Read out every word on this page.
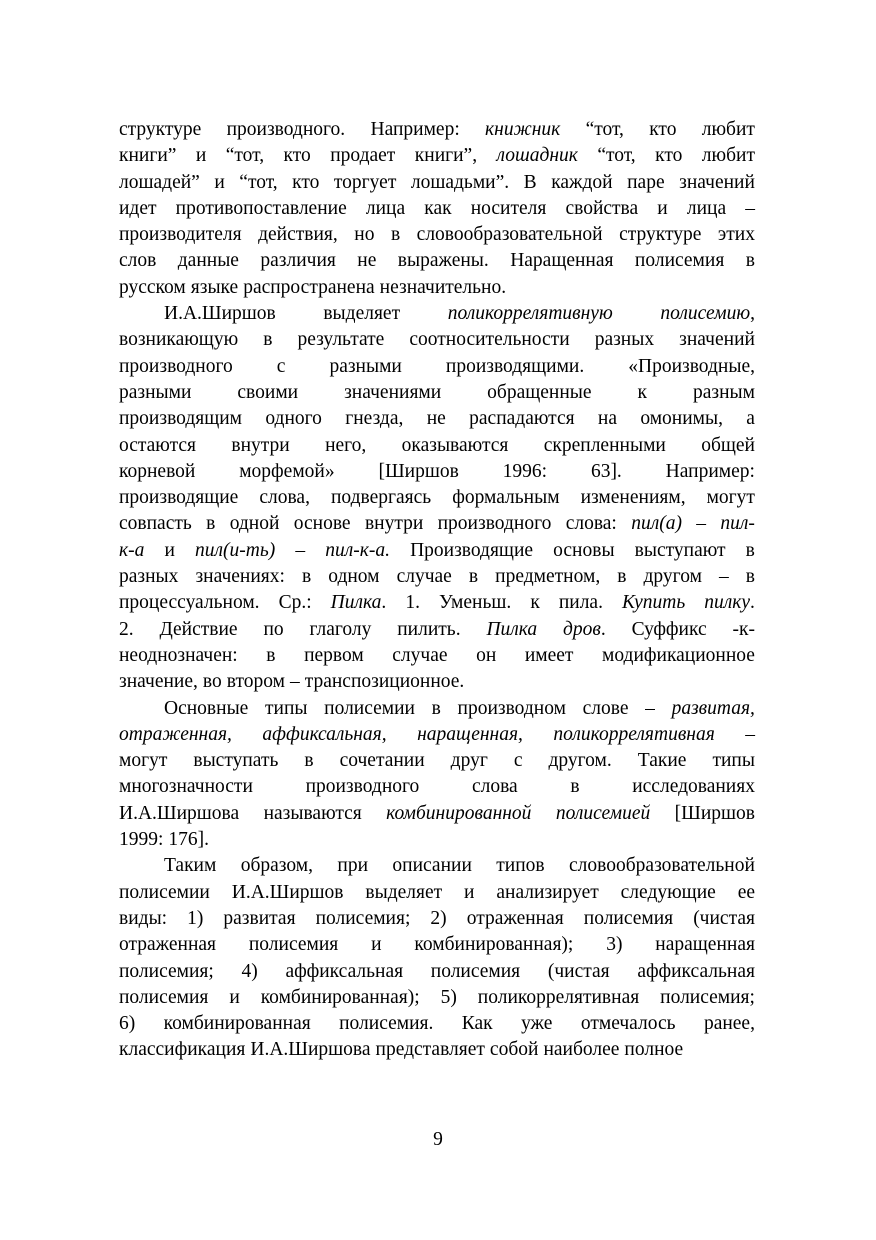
структуре производного. Например: книжник “тот, кто любит
книги” и “тот, кто продает книги”, лошадник “тот, кто любит
лошадей” и “тот, кто торгует лошадьми”. В каждой паре значений
идет противопоставление лица как носителя свойства и лица –
производителя действия, но в словообразовательной структуре этих
слов данные различия не выражены. Наращенная полисемия в
русском языке распространена незначительно.
И.А.Ширшов выделяет поликоррелятивную полисемию,
возникающую в результате соотносительности разных значений
производного с разными производящими. «Производные,
разными своими значениями обращенные к разным
производящим одного гнезда, не распадаются на омонимы, а
остаются внутри него, оказываются скрепленными общей
корневой морфемой» [Ширшов 1996: 63]. Например:
производящие слова, подвергаясь формальным изменениям, могут
совпасть в одной основе внутри производного слова: пил(а) – пил-
к-а и пил(и-ть) – пил-к-а. Производящие основы выступают в
разных значениях: в одном случае в предметном, в другом – в
процессуальном. Ср.: Пилка. 1. Уменьш. к пила. Купить пилку.
2. Действие по глаголу пилить. Пилка дров. Суффикс -к-
неоднозначен: в первом случае он имеет модификационное
значение, во втором – транспозиционное.
Основные типы полисемии в производном слове – развитая,
отраженная, аффиксальная, наращенная, поликоррелятивная –
могут выступать в сочетании друг с другом. Такие типы
многозначности	производного	слова	в	исследованиях
И.А.Ширшова называются комбинированной полисемией [Ширшов
1999: 176].
Таким образом, при описании типов словообразовательной
полисемии И.А.Ширшов выделяет и анализирует следующие ее
виды: 1) развитая полисемия; 2) отраженная полисемия (чистая
отраженная полисемия и комбинированная); 3) наращенная
полисемия; 4) аффиксальная полисемия (чистая аффиксальная
полисемия и комбинированная); 5) поликоррелятивная полисемия;
6) комбинированная полисемия. Как уже отмечалось ранее,
классификация И.А.Ширшова представляет собой наиболее полное
9
